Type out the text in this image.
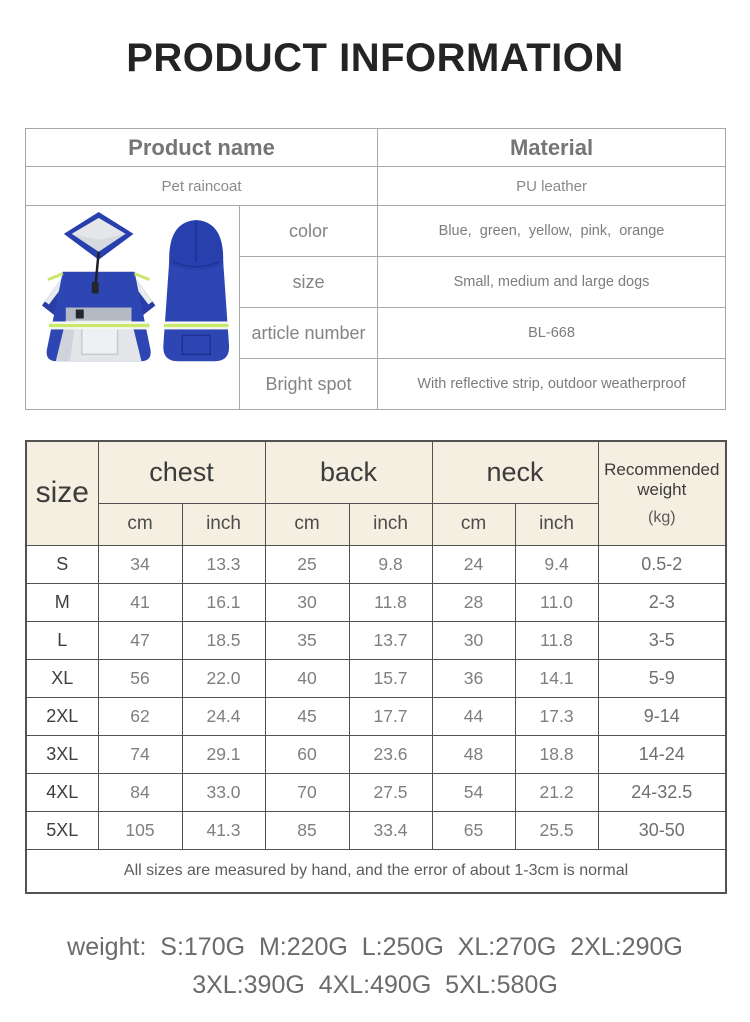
PRODUCT INFORMATION
Product name		Material
Pet raincoat		PU leather

	color	Blue,  green,  yellow,  pink,  orange
	size	Small, medium and large dogs
	article number	BL-668
	Bright spot	With reflective strip, outdoor weatherproof
size	chest		back		neck		Recommended weight
(kg)

	cm	inch	cm	inch	cm	inch	
S	34	13.3	25	9.8	24	9.4	0.5-2
M	41	16.1	30	11.8	28	11.0	2-3
L	47	18.5	35	13.7	30	11.8	3-5
XL	56	22.0	40	15.7	36	14.1	5-9
2XL	62	24.4	45	17.7	44	17.3	9-14
3XL	74	29.1	60	23.6	48	18.8	14-24
4XL	84	33.0	70	27.5	54	21.2	24-32.5
5XL	105	41.3	85	33.4	65	25.5	30-50
All sizes are measured by hand, and the error of about 1-3cm is normal							
weight:  S:170G  M:220G  L:250G  XL:270G  2XL:290G
3XL:390G  4XL:490G  5XL:580G
